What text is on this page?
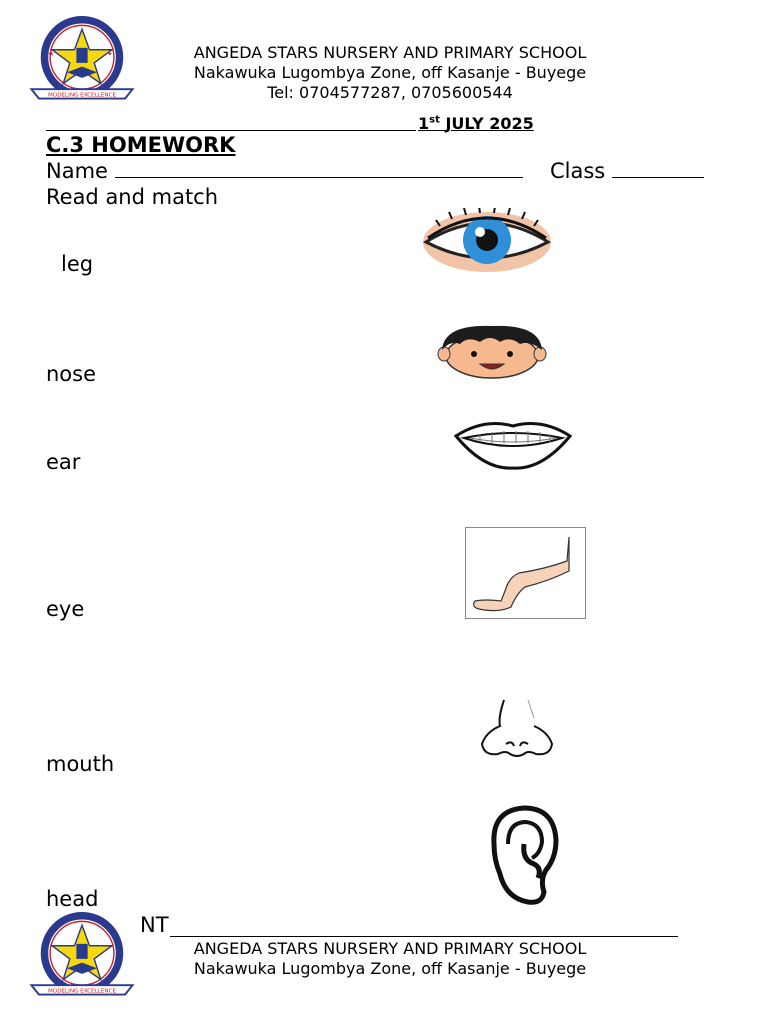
MODELING EXCELLENCE
ANGEDA STARS NURSERY AND PRIMARY SCHOOL
Nakawuka Lugombya Zone, off Kasanje - Buyege
Tel: 0704577287, 0705600544
1st JULY 2025
C.3 HOMEWORK
Name	Class
Read and match
leg
nose
ear
eye
mouth
head
NT
MODELING EXCELLENCE
ANGEDA STARS NURSERY AND PRIMARY SCHOOL
Nakawuka Lugombya Zone, off Kasanje - Buyege
